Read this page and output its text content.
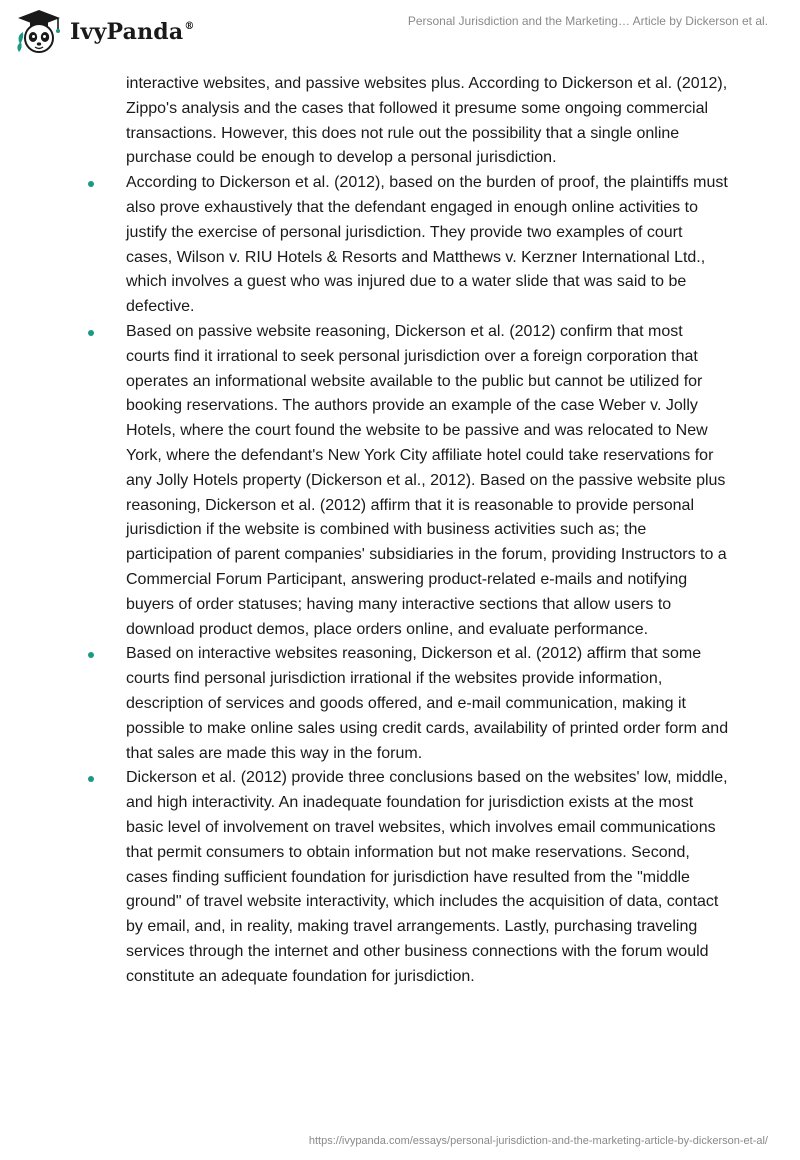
IvyPanda®	Personal Jurisdiction and the Marketing… Article by Dickerson et al.

interactive websites, and passive websites plus. According to Dickerson et al. (2012), Zippo's analysis and the cases that followed it presume some ongoing commercial transactions. However, this does not rule out the possibility that a single online purchase could be enough to develop a personal jurisdiction.

According to Dickerson et al. (2012), based on the burden of proof, the plaintiffs must also prove exhaustively that the defendant engaged in enough online activities to justify the exercise of personal jurisdiction. They provide two examples of court cases, Wilson v. RIU Hotels & Resorts and Matthews v. Kerzner International Ltd., which involves a guest who was injured due to a water slide that was said to be defective.
Based on passive website reasoning, Dickerson et al. (2012) confirm that most courts find it irrational to seek personal jurisdiction over a foreign corporation that operates an informational website available to the public but cannot be utilized for booking reservations. The authors provide an example of the case Weber v. Jolly Hotels, where the court found the website to be passive and was relocated to New York, where the defendant's New York City affiliate hotel could take reservations for any Jolly Hotels property (Dickerson et al., 2012). Based on the passive website plus reasoning, Dickerson et al. (2012) affirm that it is reasonable to provide personal jurisdiction if the website is combined with business activities such as; the participation of parent companies' subsidiaries in the forum, providing Instructors to a Commercial Forum Participant, answering product-related e-mails and notifying buyers of order statuses; having many interactive sections that allow users to download product demos, place orders online, and evaluate performance.
Based on interactive websites reasoning, Dickerson et al. (2012) affirm that some courts find personal jurisdiction irrational if the websites provide information, description of services and goods offered, and e-mail communication, making it possible to make online sales using credit cards, availability of printed order form and that sales are made this way in the forum.
Dickerson et al. (2012) provide three conclusions based on the websites' low, middle, and high interactivity. An inadequate foundation for jurisdiction exists at the most basic level of involvement on travel websites, which involves email communications that permit consumers to obtain information but not make reservations. Second, cases finding sufficient foundation for jurisdiction have resulted from the "middle ground" of travel website interactivity, which includes the acquisition of data, contact by email, and, in reality, making travel arrangements. Lastly, purchasing traveling services through the internet and other business connections with the forum would constitute an adequate foundation for jurisdiction.
https://ivypanda.com/essays/personal-jurisdiction-and-the-marketing-article-by-dickerson-et-al/
